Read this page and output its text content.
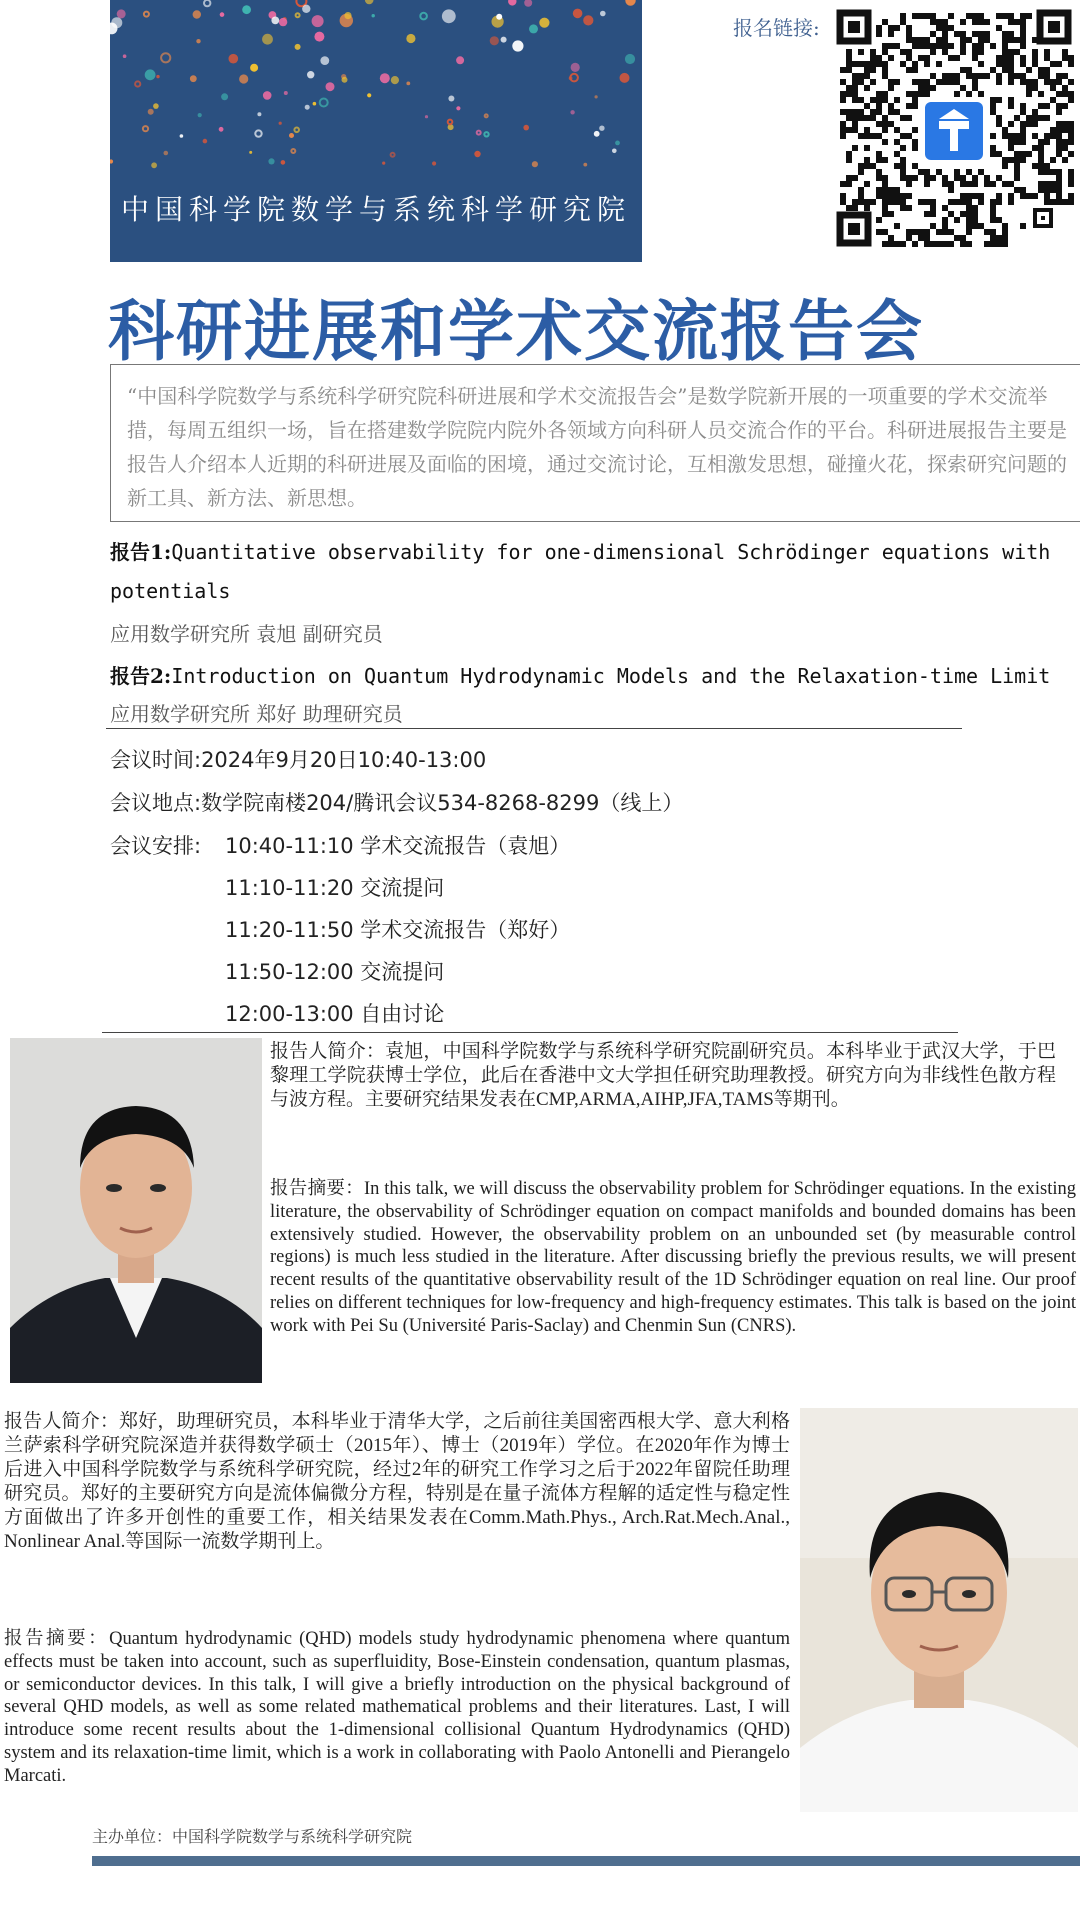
中国科学院数学与系统科学研究院
报名链接:
科研进展和学术交流报告会
“中国科学院数学与系统科学研究院科研进展和学术交流报告会”是数学院新开展的一项重要的学术交流举措，每周五组织一场，旨在搭建数学院院内院外各领域方向科研人员交流合作的平台。科研进展报告主要是报告人介绍本人近期的科研进展及面临的困境，通过交流讨论，互相激发思想，碰撞火花，探索研究问题的新工具、新方法、新思想。
报告1:Quantitative observability for one-dimensional Schrödinger equations with
potentials
应用数学研究所 袁旭 副研究员
报告2:Introduction on Quantum Hydrodynamic Models and the Relaxation-time Limit
应用数学研究所 郑好 助理研究员
会议时间:2024年9月20日10:40-13:00
会议地点:数学院南楼204/腾讯会议534-8268-8299（线上）
会议安排: 10:40-11:10 学术交流报告（袁旭）
11:10-11:20 交流提问
11:20-11:50 学术交流报告（郑好）
11:50-12:00 交流提问
12:00-13:00 自由讨论
报告人简介：袁旭，中国科学院数学与系统科学研究院副研究员。本科毕业于武汉大学，于巴黎理工学院获博士学位，此后在香港中文大学担任研究助理教授。研究方向为非线性色散方程与波方程。主要研究结果发表在CMP,ARMA,AIHP,JFA,TAMS等期刊。
报告摘要：In this talk, we will discuss the observability problem for Schrödinger equations. In the existing literature, the observability of Schrödinger equation on compact manifolds and bounded domains has been extensively studied. However, the observability problem on an unbounded set (by measurable control regions) is much less studied in the literature. After discussing briefly the previous results, we will present recent results of the quantitative observability result of the 1D Schrödinger equation on real line. Our proof relies on different techniques for low-frequency and high-frequency estimates. This talk is based on the joint work with Pei Su (Université Paris-Saclay) and Chenmin Sun (CNRS).
报告人简介：郑好，助理研究员，本科毕业于清华大学，之后前往美国密西根大学、意大利格兰萨索科学研究院深造并获得数学硕士（2015年）、博士（2019年）学位。在2020年作为博士后进入中国科学院数学与系统科学研究院，经过2年的研究工作学习之后于2022年留院任助理研究员。郑好的主要研究方向是流体偏微分方程，特别是在量子流体方程解的适定性与稳定性方面做出了许多开创性的重要工作，相关结果发表在Comm.Math.Phys., Arch.Rat.Mech.Anal., Nonlinear Anal.等国际一流数学期刊上。
报告摘要：Quantum hydrodynamic (QHD) models study hydrodynamic phenomena where quantum effects must be taken into account, such as superfluidity, Bose-Einstein condensation, quantum plasmas, or semiconductor devices. In this talk, I will give a briefly introduction on the physical background of several QHD models, as well as some related mathematical problems and their literatures. Last, I will introduce some recent results about the 1-dimensional collisional Quantum Hydrodynamics (QHD) system and its relaxation-time limit, which is a work in collaborating with Paolo Antonelli and Pierangelo Marcati.
主办单位：中国科学院数学与系统科学研究院
